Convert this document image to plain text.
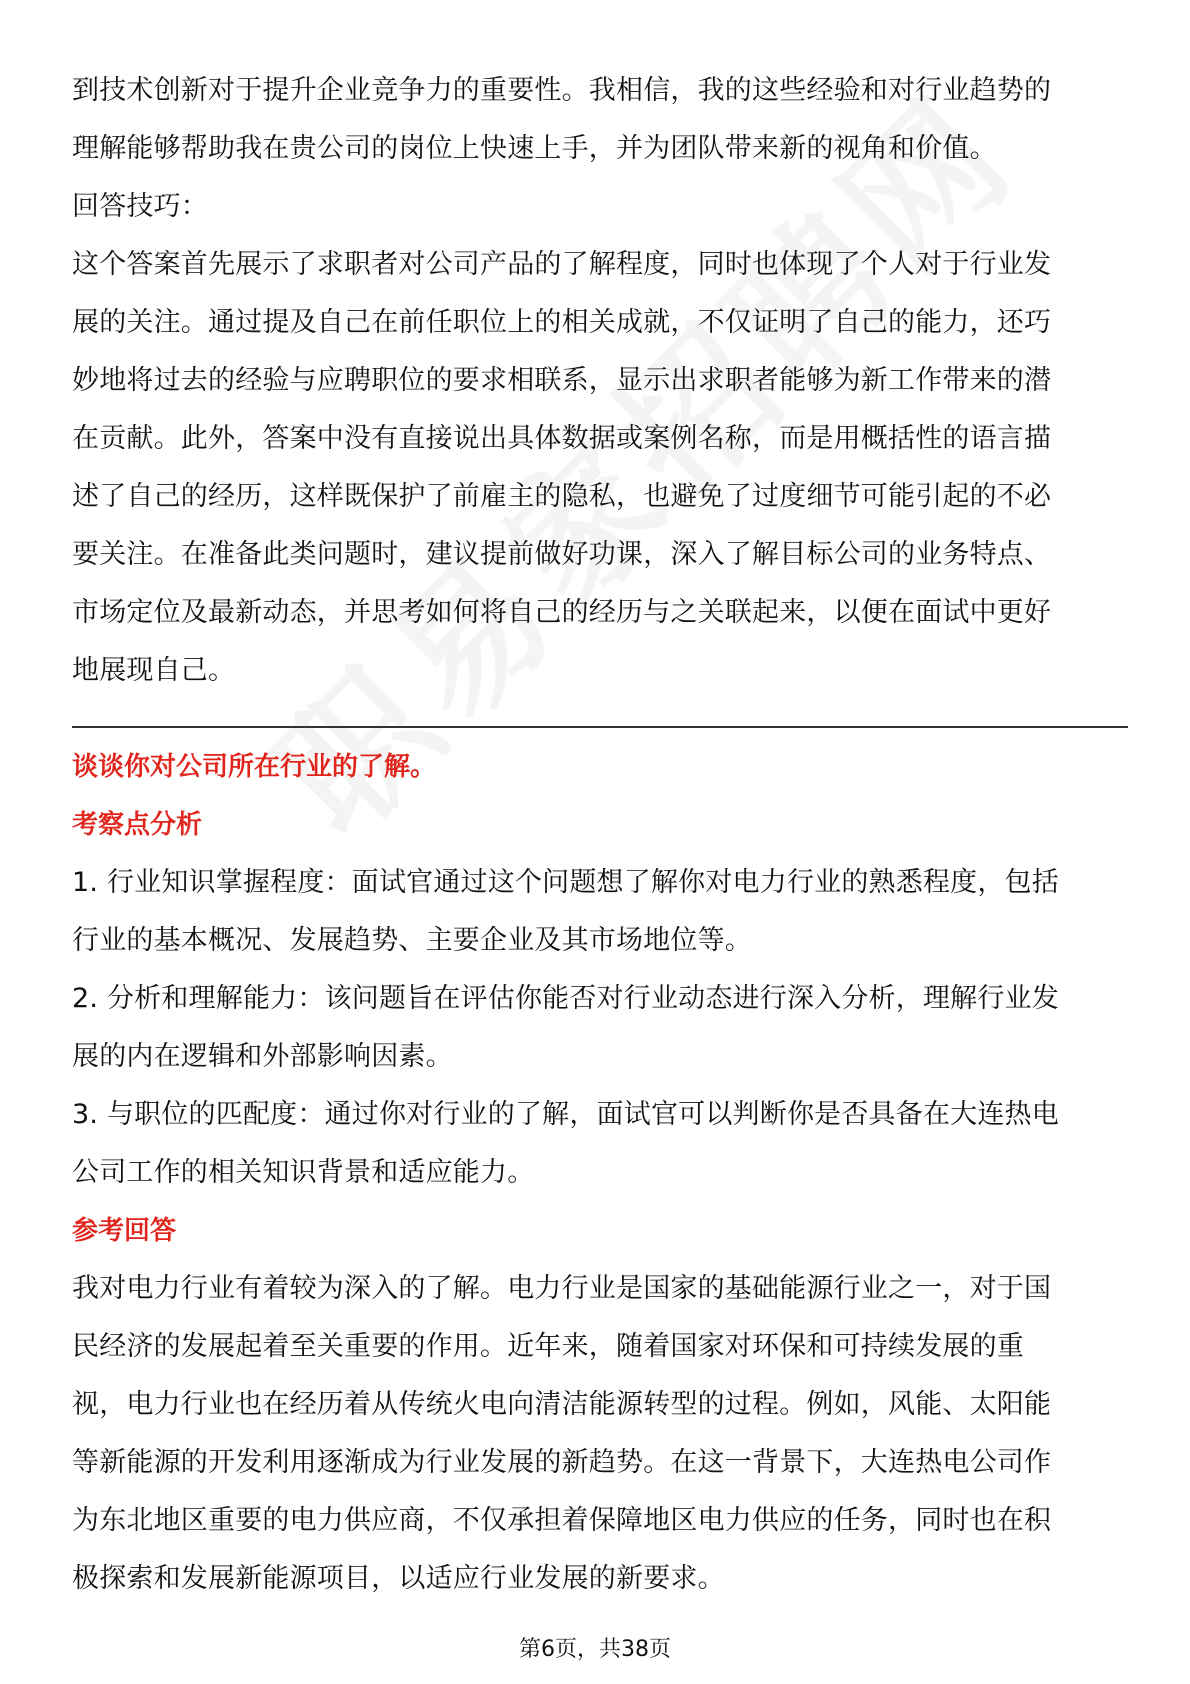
到技术创新对于提升企业竞争力的重要性。我相信，我的这些经验和对行业趋势的

理解能够帮助我在贵公司的岗位上快速上手，并为团队带来新的视角和价值。

回答技巧：

这个答案首先展示了求职者对公司产品的了解程度，同时也体现了个人对于行业发

展的关注。通过提及自己在前任职位上的相关成就，不仅证明了自己的能力，还巧

妙地将过去的经验与应聘职位的要求相联系，显示出求职者能够为新工作带来的潜

在贡献。此外，答案中没有直接说出具体数据或案例名称，而是用概括性的语言描

述了自己的经历，这样既保护了前雇主的隐私，也避免了过度细节可能引起的不必

要关注。在准备此类问题时，建议提前做好功课，深入了解目标公司的业务特点、

市场定位及最新动态，并思考如何将自己的经历与之关联起来，以便在面试中更好

地展现自己。

谈谈你对公司所在行业的了解。

考察点分析

1. 行业知识掌握程度：面试官通过这个问题想了解你对电力行业的熟悉程度，包括

行业的基本概况、发展趋势、主要企业及其市场地位等。

2. 分析和理解能力：该问题旨在评估你能否对行业动态进行深入分析，理解行业发

展的内在逻辑和外部影响因素。

3. 与职位的匹配度：通过你对行业的了解，面试官可以判断你是否具备在大连热电

公司工作的相关知识背景和适应能力。

参考回答

我对电力行业有着较为深入的了解。电力行业是国家的基础能源行业之一，对于国

民经济的发展起着至关重要的作用。近年来，随着国家对环保和可持续发展的重

视，电力行业也在经历着从传统火电向清洁能源转型的过程。例如，风能、太阳能

等新能源的开发利用逐渐成为行业发展的新趋势。在这一背景下，大连热电公司作

为东北地区重要的电力供应商，不仅承担着保障地区电力供应的任务，同时也在积

极探索和发展新能源项目，以适应行业发展的新要求。

第6页，共38页
